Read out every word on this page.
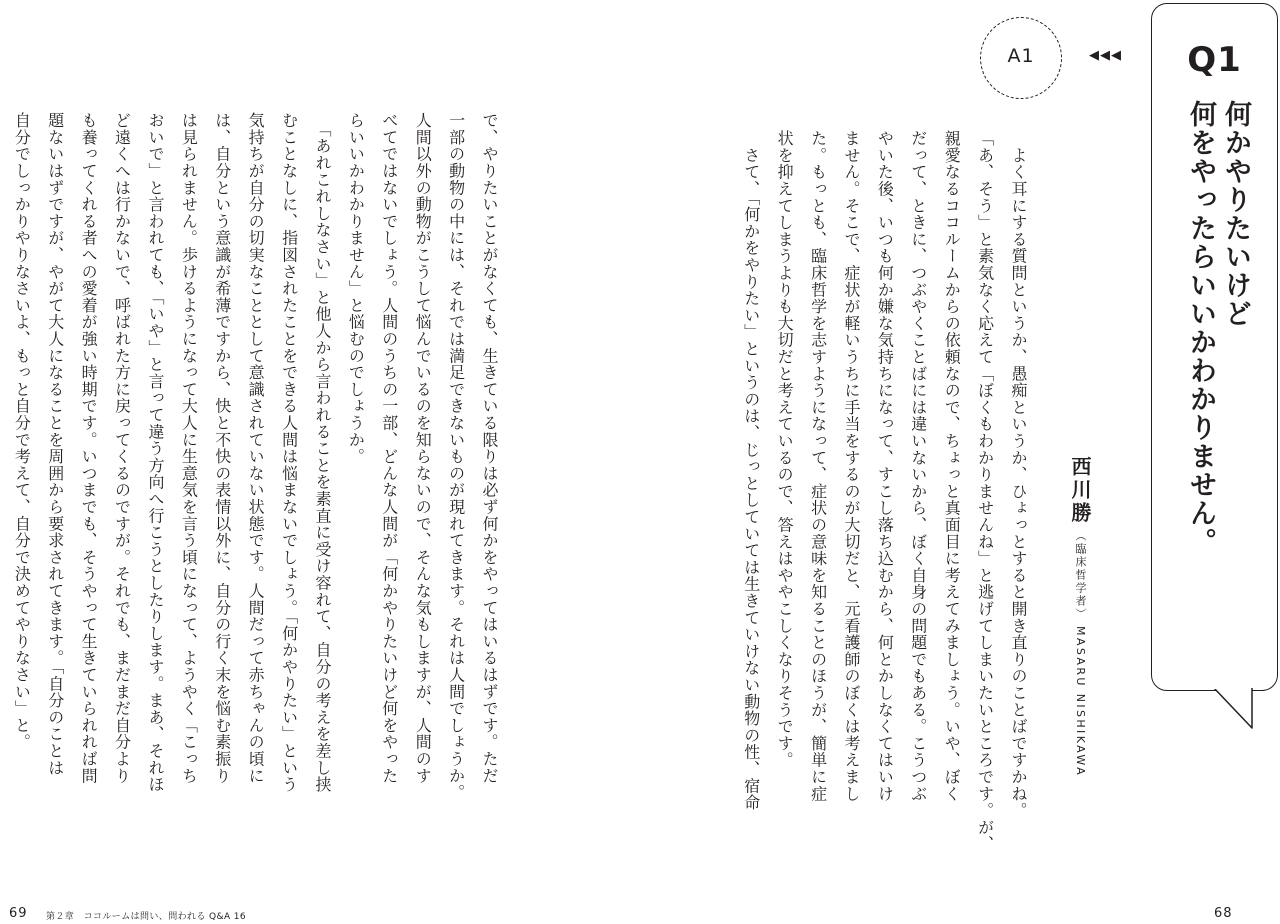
Q1
何かやりたいけど
何をやったらいいかわかりません。
A1	◀◀◀
西川勝
（臨床哲学者）
MASARU NISHIKAWA
　よく耳にする質問というか、愚痴というか、ひょっとすると開き直りのことばですかね。
「あ、そう」と素気なく応えて「ぼくもわかりませんね」と逃げてしまいたいところです。が、
親愛なるココルームからの依頼なので、ちょっと真面目に考えてみましょう。いや、ぼく
だって、ときに、つぶやくことばには違いないから、ぼく自身の問題でもある。こうつぶ
やいた後、いつも何か嫌な気持ちになって、すこし落ち込むから、何とかしなくてはいけ
ません。そこで、症状が軽いうちに手当をするのが大切だと、元看護師のぼくは考えまし
た。もっとも、臨床哲学を志すようになって、症状の意味を知ることのほうが、簡単に症
状を抑えてしまうよりも大切だと考えているので、答えはややこしくなりそうです。
　さて、「何かをやりたい」というのは、じっとしていては生きていけない動物の性、宿命
で、やりたいことがなくても、生きている限りは必ず何かをやってはいるはずです。ただ
一部の動物の中には、それでは満足できないものが現れてきます。それは人間でしょうか。
人間以外の動物がこうして悩んでいるのを知らないので、そんな気もしますが、人間のす
べてではないでしょう。人間のうちの一部、どんな人間が「何かやりたいけど何をやった
らいいかわかりません」と悩むのでしょうか。
　「あれこれしなさい」と他人から言われることを素直に受け容れて、自分の考えを差し挟
むことなしに、指図されたことをできる人間は悩まないでしょう。「何かやりたい」という
気持ちが自分の切実なこととして意識されていない状態です。人間だって赤ちゃんの頃に
は、自分という意識が希薄ですから、快と不快の表情以外に、自分の行く末を悩む素振り
は見られません。歩けるようになって大人に生意気を言う頃になって、ようやく「こっち
おいで」と言われても、「いや」と言って違う方向へ行こうとしたりします。まあ、それほ
ど遠くへは行かないで、呼ばれた方に戻ってくるのですが。それでも、まだまだ自分より
も養ってくれる者への愛着が強い時期です。いつまでも、そうやって生きていられれば問
題ないはずですが、やがて大人になることを周囲から要求されてきます。「自分のことは
自分でしっかりやりなさいよ、もっと自分で考えて、自分で決めてやりなさい」と。
69 第２章　ココルームは問い、問われる Q&A 16	68
